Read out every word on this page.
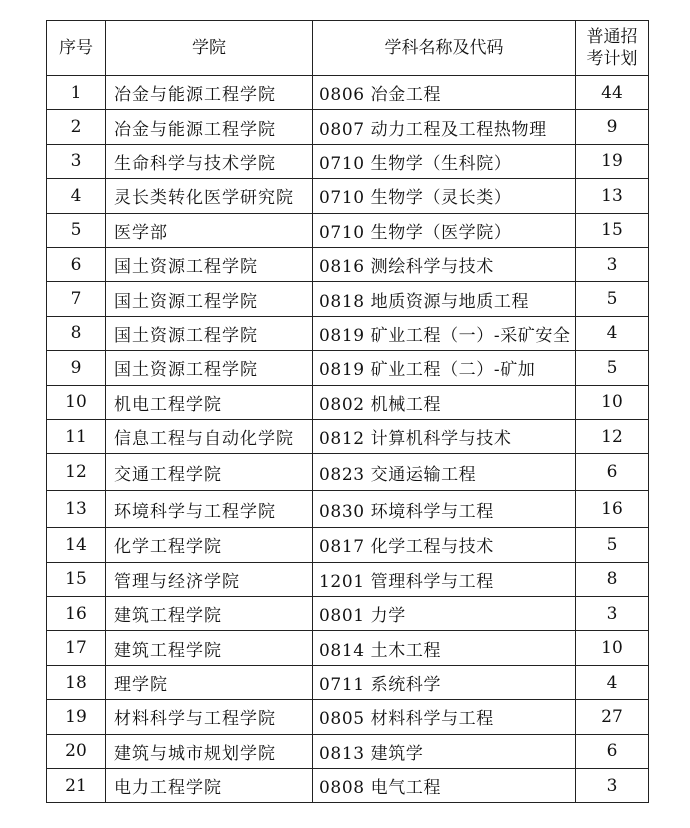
序号	学院	学科名称及代码	普通招
考计划

1	冶金与能源工程学院	0806 冶金工程	44
2	冶金与能源工程学院	0807 动力工程及工程热物理	9
3	生命科学与技术学院	0710 生物学（生科院）	19
4	灵长类转化医学研究院	0710 生物学（灵长类）	13
5	医学部	0710 生物学（医学院）	15
6	国土资源工程学院	0816 测绘科学与技术	3
7	国土资源工程学院	0818 地质资源与地质工程	5
8	国土资源工程学院	0819 矿业工程（一）-采矿安全	4
9	国土资源工程学院	0819 矿业工程（二）-矿加	5
10	机电工程学院	0802 机械工程	10
11	信息工程与自动化学院	0812 计算机科学与技术	12
12	交通工程学院	0823 交通运输工程	6
13	环境科学与工程学院	0830 环境科学与工程	16
14	化学工程学院	0817 化学工程与技术	5
15	管理与经济学院	1201 管理科学与工程	8
16	建筑工程学院	0801 力学	3
17	建筑工程学院	0814 土木工程	10
18	理学院	0711 系统科学	4
19	材料科学与工程学院	0805 材料科学与工程	27
20	建筑与城市规划学院	0813 建筑学	6
21	电力工程学院	0808 电气工程	3
